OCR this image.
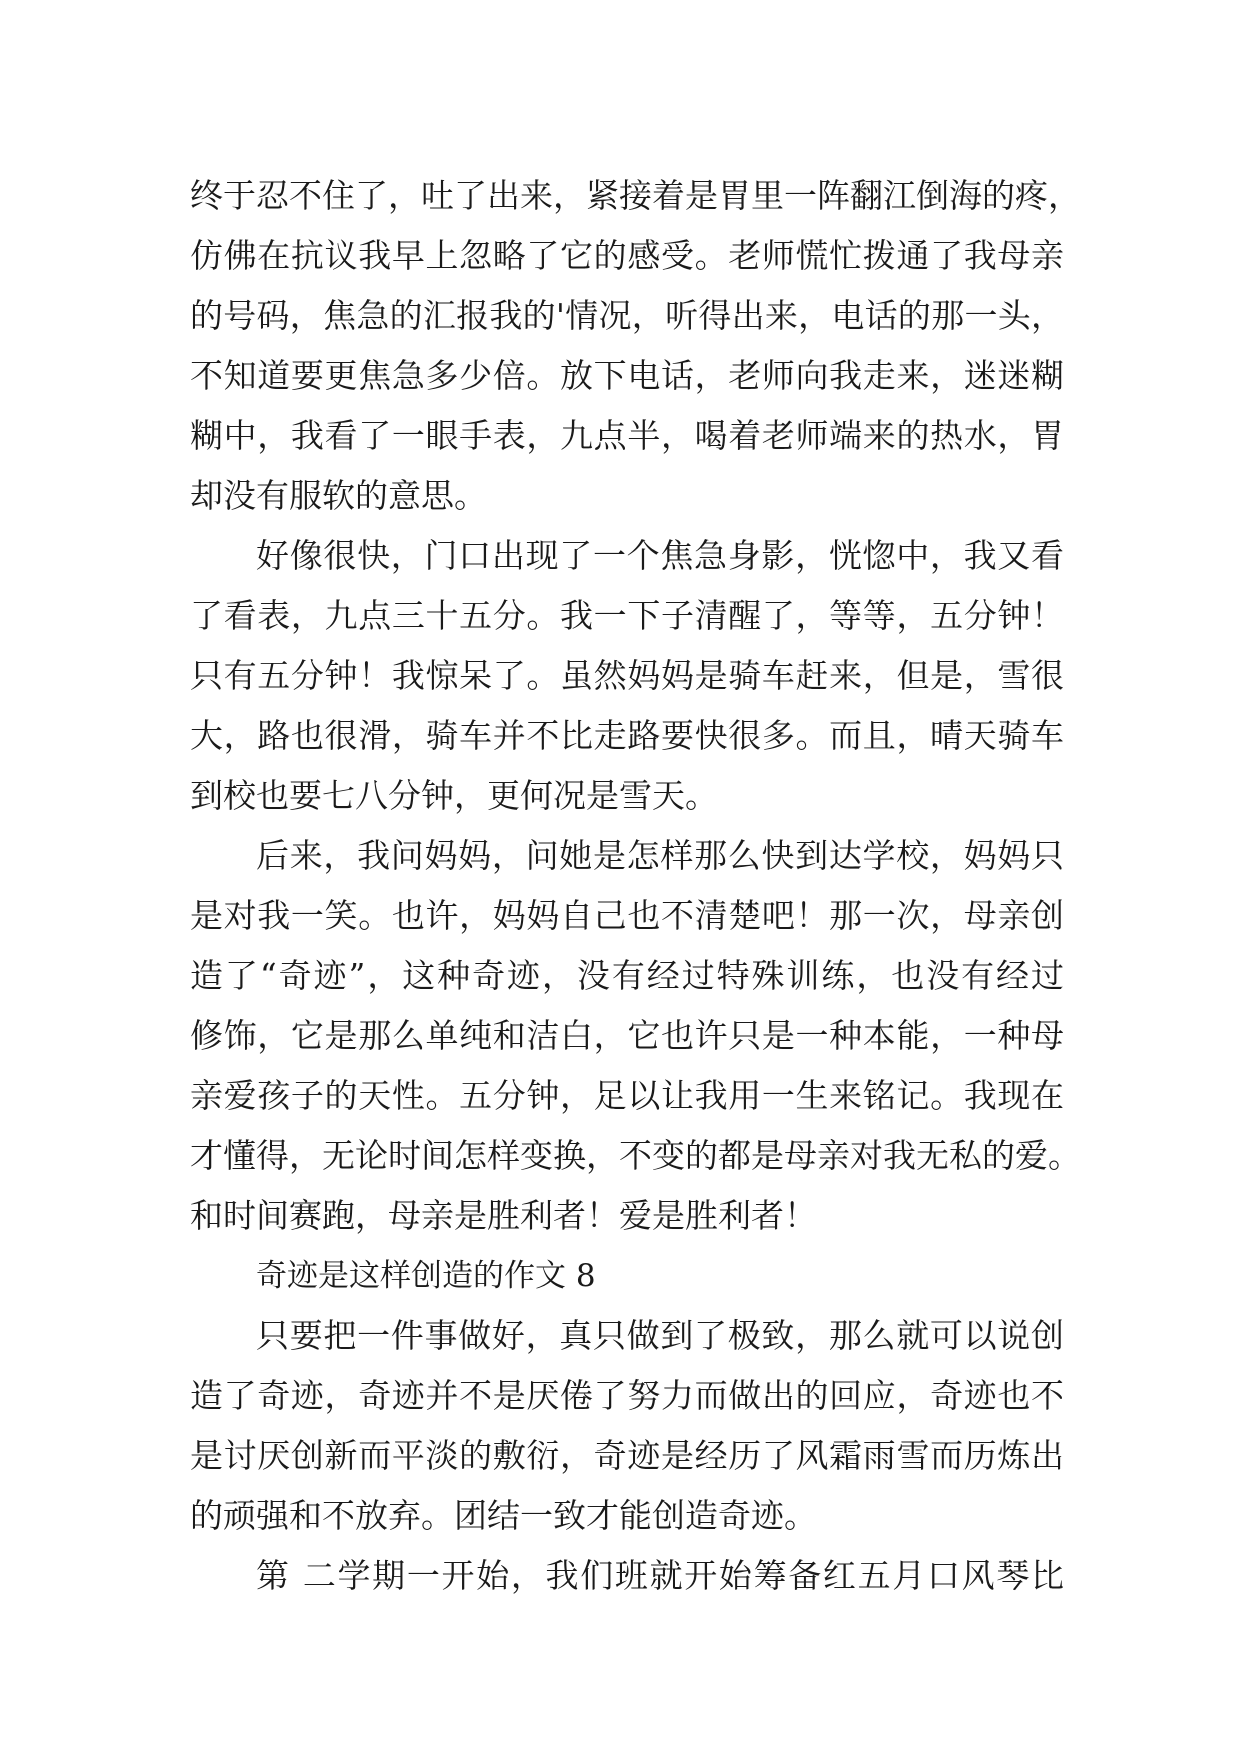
终于忍不住了，吐了出来，紧接着是胃里一阵翻江倒海的疼，
仿佛在抗议我早上忽略了它的感受。老师慌忙拨通了我母亲
的号码，焦急的汇报我的'情况，听得出来，电话的那一头，
不知道要更焦急多少倍。放下电话，老师向我走来，迷迷糊
糊中，我看了一眼手表，九点半，喝着老师端来的热水，胃
却没有服软的意思。
好像很快，门口出现了一个焦急身影，恍惚中，我又看
了看表，九点三十五分。我一下子清醒了，等等，五分钟！
只有五分钟！我惊呆了。虽然妈妈是骑车赶来，但是，雪很
大，路也很滑，骑车并不比走路要快很多。而且，晴天骑车
到校也要七八分钟，更何况是雪天。
后来，我问妈妈，问她是怎样那么快到达学校，妈妈只
是对我一笑。也许，妈妈自己也不清楚吧！那一次，母亲创
造了“奇迹”，这种奇迹，没有经过特殊训练，也没有经过
修饰，它是那么单纯和洁白，它也许只是一种本能，一种母
亲爱孩子的天性。五分钟，足以让我用一生来铭记。我现在
才懂得，无论时间怎样变换，不变的都是母亲对我无私的爱。
和时间赛跑，母亲是胜利者！爱是胜利者！
奇迹是这样创造的作文 8
只要把一件事做好，真只做到了极致，那么就可以说创
造了奇迹，奇迹并不是厌倦了努力而做出的回应，奇迹也不
是讨厌创新而平淡的敷衍，奇迹是经历了风霜雨雪而历炼出
的顽强和不放弃。团结一致才能创造奇迹。
第 二学期一开始，我们班就开始筹备红五月口风琴比
